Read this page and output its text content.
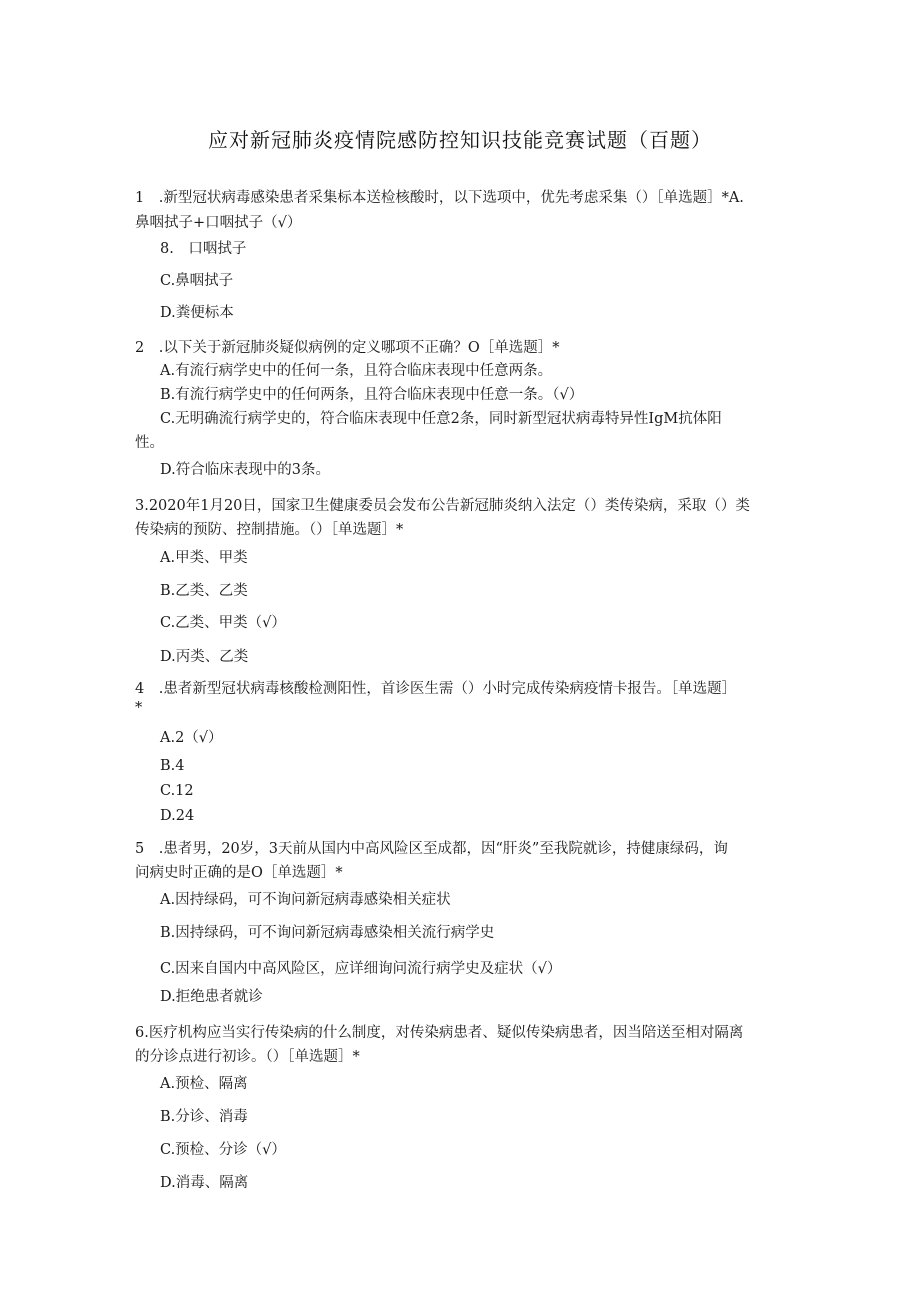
应对新冠肺炎疫情院感防控知识技能竞赛试题（百题）
1　.新型冠状病毒感染患者采集标本送检核酸时，以下选项中，优先考虑采集（）［单选题］*A.
鼻咽拭子+口咽拭子（√）
8.　口咽拭子
C.鼻咽拭子
D.粪便标本
2　.以下关于新冠肺炎疑似病例的定义哪项不正确？O［单选题］*
A.有流行病学史中的任何一条，且符合临床表现中任意两条。
B.有流行病学史中的任何两条，且符合临床表现中任意一条。（√）
C.无明确流行病学史的，符合临床表现中任意2条，同时新型冠状病毒特异性IgM抗体阳
性。
D.符合临床表现中的3条。
3.2020年1月20日，国家卫生健康委员会发布公告新冠肺炎纳入法定（）类传染病，采取（）类
传染病的预防、控制措施。（）［单选题］*
A.甲类、甲类
B.乙类、乙类
C.乙类、甲类（√）
D.丙类、乙类
4　.患者新型冠状病毒核酸检测阳性，首诊医生需（）小时完成传染病疫情卡报告。［单选题］
*
A.2（√）
B.4
C.12
D.24
5　.患者男，20岁，3天前从国内中高风险区至成都，因“肝炎”至我院就诊，持健康绿码，询
问病史时正确的是O［单选题］*
A.因持绿码，可不询问新冠病毒感染相关症状
B.因持绿码，可不询问新冠病毒感染相关流行病学史
C.因来自国内中高风险区，应详细询问流行病学史及症状（√）
D.拒绝患者就诊
6.医疗机构应当实行传染病的什么制度，对传染病患者、疑似传染病患者，因当陪送至相对隔离
的分诊点进行初诊。（）［单选题］*
A.预检、隔离
B.分诊、消毒
C.预检、分诊（√）
D.消毒、隔离
